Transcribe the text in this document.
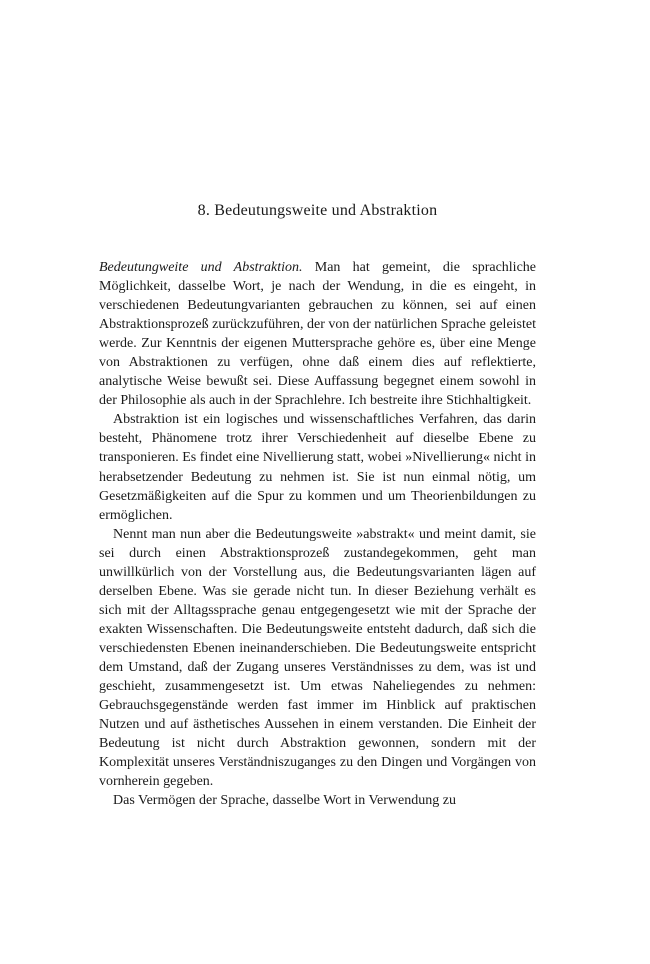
8. Bedeutungsweite und Abstraktion

Bedeutungweite und Abstraktion. Man hat gemeint, die sprachliche Möglichkeit, dasselbe Wort, je nach der Wendung, in die es eingeht, in verschiedenen Bedeutungvarianten gebrauchen zu können, sei auf einen Abstraktionsprozeß zurückzuführen, der von der natürlichen Sprache geleistet werde. Zur Kenntnis der eigenen Muttersprache gehöre es, über eine Menge von Abstraktionen zu verfügen, ohne daß einem dies auf reflektierte, analytische Weise bewußt sei. Diese Auffassung begegnet einem sowohl in der Philosophie als auch in der Sprachlehre. Ich bestreite ihre Stichhaltigkeit.

Abstraktion ist ein logisches und wissenschaftliches Verfahren, das darin besteht, Phänomene trotz ihrer Verschiedenheit auf dieselbe Ebene zu transponieren. Es findet eine Nivellierung statt, wobei »Nivellierung« nicht in herabsetzender Bedeutung zu nehmen ist. Sie ist nun einmal nötig, um Gesetzmäßigkeiten auf die Spur zu kommen und um Theorienbildungen zu ermöglichen.

Nennt man nun aber die Bedeutungsweite »abstrakt« und meint damit, sie sei durch einen Abstraktionsprozeß zustandegekommen, geht man unwillkürlich von der Vorstellung aus, die Bedeutungsvarianten lägen auf derselben Ebene. Was sie gerade nicht tun. In dieser Beziehung verhält es sich mit der Alltagssprache genau entgegengesetzt wie mit der Sprache der exakten Wissenschaften. Die Bedeutungsweite entsteht dadurch, daß sich die verschiedensten Ebenen ineinanderschieben. Die Bedeutungsweite entspricht dem Umstand, daß der Zugang unseres Verständnisses zu dem, was ist und geschieht, zusammengesetzt ist. Um etwas Naheliegendes zu nehmen: Gebrauchsgegenstände werden fast immer im Hinblick auf praktischen Nutzen und auf ästhetisches Aussehen in einem verstanden. Die Einheit der Bedeutung ist nicht durch Abstraktion gewonnen, sondern mit der Komplexität unseres Verständniszuganges zu den Dingen und Vorgängen von vornherein gegeben.

Das Vermögen der Sprache, dasselbe Wort in Verwendung zu
